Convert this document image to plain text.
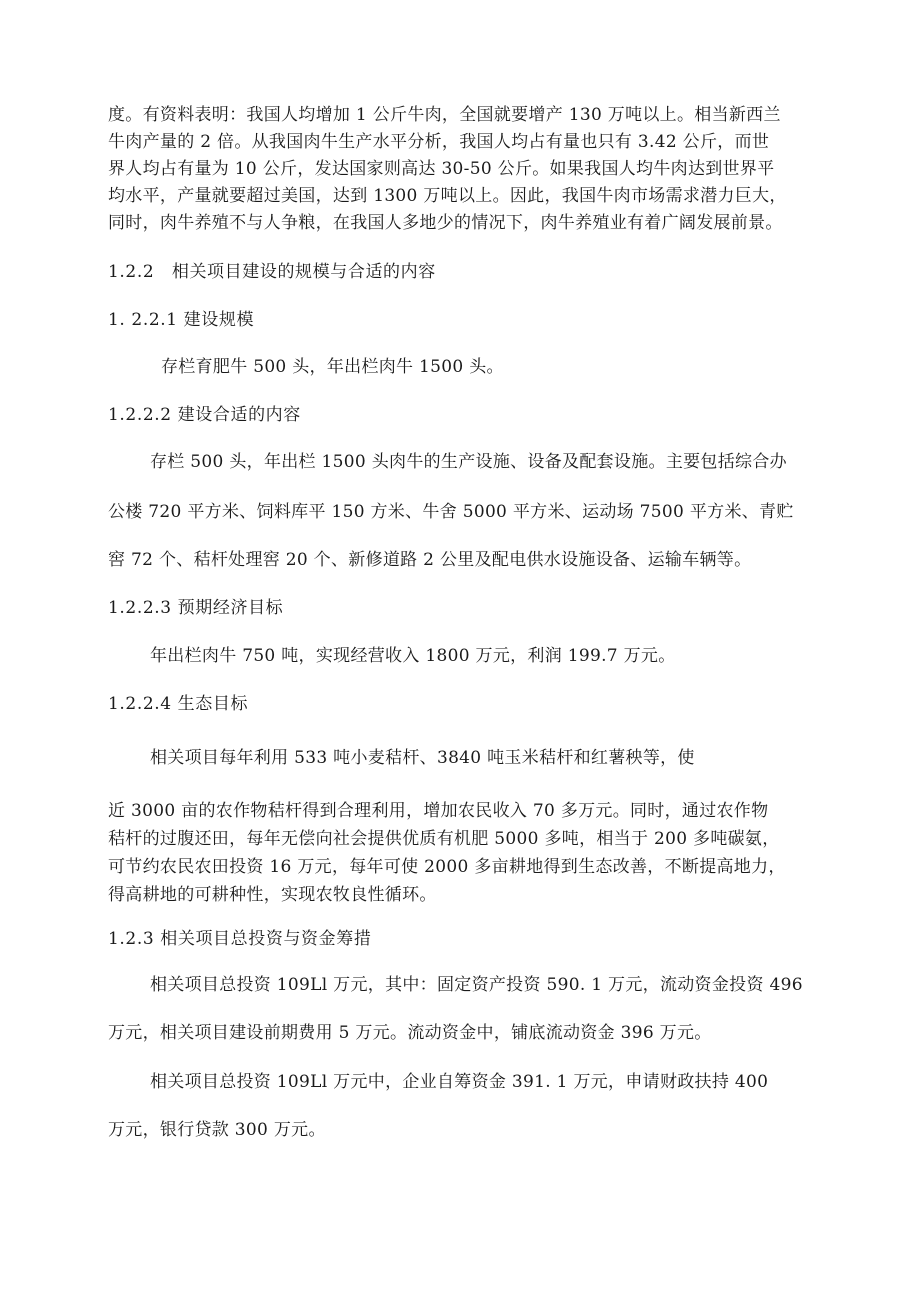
度。有资料表明：我国人均增加 1 公斤牛肉，全国就要增产 130 万吨以上。相当新西兰
牛肉产量的 2 倍。从我国肉牛生产水平分析，我国人均占有量也只有 3.42 公斤，而世
界人均占有量为 10 公斤，发达国家则高达 30-50 公斤。如果我国人均牛肉达到世界平
均水平，产量就要超过美国，达到 1300 万吨以上。因此，我国牛肉市场需求潜力巨大，
同时，肉牛养殖不与人争粮，在我国人多地少的情况下，肉牛养殖业有着广阔发展前景。
1.2.2　相关项目建设的规模与合适的内容
1. 2.2.1 建设规模
存栏育肥牛 500 头，年出栏肉牛 1500 头。
1.2.2.2 建设合适的内容
存栏 500 头，年出栏 1500 头肉牛的生产设施、设备及配套设施。主要包括综合办
公楼 720 平方米、饲料库平 150 方米、牛舍 5000 平方米、运动场 7500 平方米、青贮
窖 72 个、秸杆处理窖 20 个、新修道路 2 公里及配电供水设施设备、运输车辆等。
1.2.2.3 预期经济目标
年出栏肉牛 750 吨，实现经营收入 1800 万元，利润 199.7 万元。
1.2.2.4 生态目标
相关项目每年利用 533 吨小麦秸杆、3840 吨玉米秸杆和红薯秧等，使
近 3000 亩的农作物秸杆得到合理利用，增加农民收入 70 多万元。同时，通过农作物
秸杆的过腹还田，每年无偿向社会提供优质有机肥 5000 多吨，相当于 200 多吨碳氨，
可节约农民农田投资 16 万元，每年可使 2000 多亩耕地得到生态改善，不断提高地力，
得高耕地的可耕种性，实现农牧良性循环。
1.2.3 相关项目总投资与资金筹措
相关项目总投资 109Ll 万元，其中：固定资产投资 590. 1 万元，流动资金投资 496
万元，相关项目建设前期费用 5 万元。流动资金中，铺底流动资金 396 万元。
相关项目总投资 109Ll 万元中，企业自筹资金 391. 1 万元，申请财政扶持 400
万元，银行贷款 300 万元。
